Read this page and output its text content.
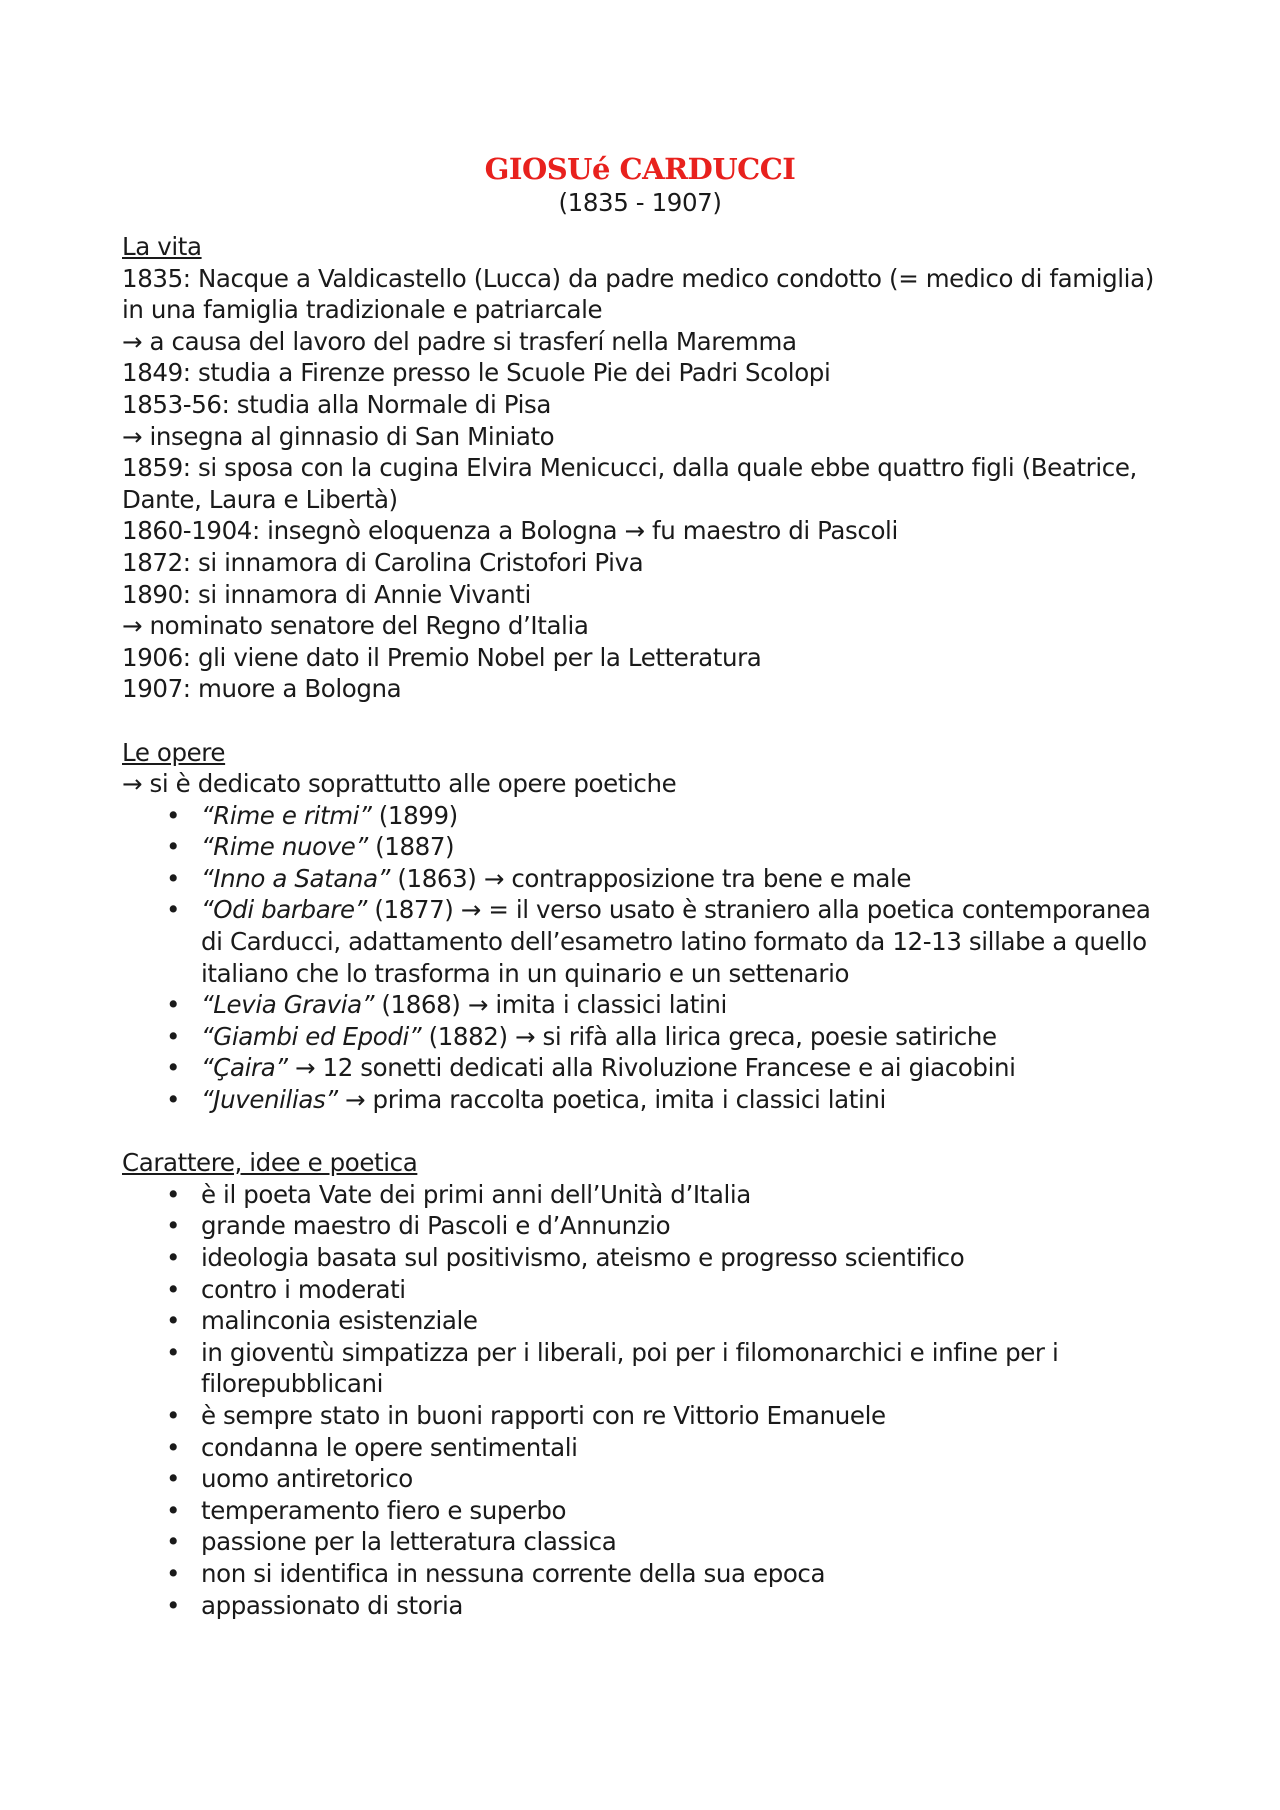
GIOSUé CARDUCCI
(1835 - 1907)
La vita
1835: Nacque a Valdicastello (Lucca) da padre medico condotto (= medico di famiglia) in una famiglia tradizionale e patriarcale
→ a causa del lavoro del padre si trasferí nella Maremma
1849: studia a Firenze presso le Scuole Pie dei Padri Scolopi
1853-56: studia alla Normale di Pisa
→ insegna al ginnasio di San Miniato
1859: si sposa con la cugina Elvira Menicucci, dalla quale ebbe quattro figli (Beatrice, Dante, Laura e Libertà)
1860-1904: insegnò eloquenza a Bologna → fu maestro di Pascoli
1872: si innamora di Carolina Cristofori Piva
1890: si innamora di Annie Vivanti
→ nominato senatore del Regno d’Italia
1906: gli viene dato il Premio Nobel per la Letteratura
1907: muore a Bologna
Le opere
→ si è dedicato soprattutto alle opere poetiche
• “Rime e ritmi” (1899)
• “Rime nuove” (1887)
• “Inno a Satana” (1863) → contrapposizione tra bene e male
• “Odi barbare” (1877) → = il verso usato è straniero alla poetica contemporanea di Carducci, adattamento dell’esametro latino formato da 12-13 sillabe a quello italiano che lo trasforma in un quinario e un settenario
• “Levia Gravia” (1868) → imita i classici latini
• “Giambi ed Epodi” (1882) → si rifà alla lirica greca, poesie satiriche
• “Çaira” → 12 sonetti dedicati alla Rivoluzione Francese e ai giacobini
• “Juvenilias” → prima raccolta poetica, imita i classici latini
Carattere, idee e poetica
• è il poeta Vate dei primi anni dell’Unità d’Italia
• grande maestro di Pascoli e d’Annunzio
• ideologia basata sul positivismo, ateismo e progresso scientifico
• contro i moderati
• malinconia esistenziale
• in gioventù simpatizza per i liberali, poi per i filomonarchici e infine per i filorepubblicani
• è sempre stato in buoni rapporti con re Vittorio Emanuele
• condanna le opere sentimentali
• uomo antiretorico
• temperamento fiero e superbo
• passione per la letteratura classica
• non si identifica in nessuna corrente della sua epoca
• appassionato di storia
